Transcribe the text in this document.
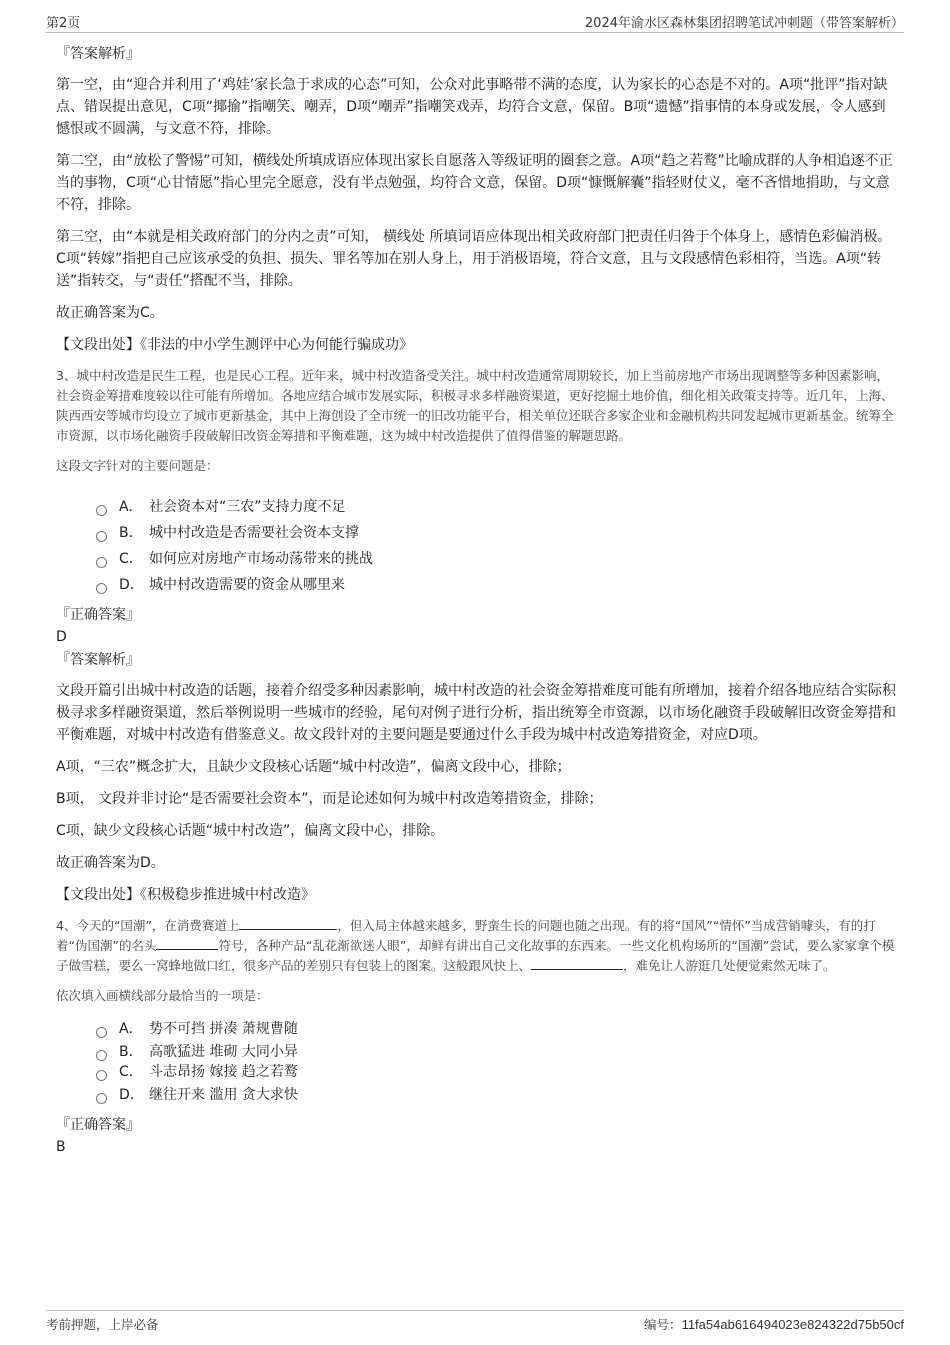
第2页	2024年渝水区森林集团招聘笔试冲刺题（带答案解析）
『答案解析』

第一空，由“迎合并利用了‘鸡娃’家长急于求成的心态”可知，公众对此事略带不满的态度，认为家长的心态是不对的。A项“批评”指对缺点、错误提出意见，C项“揶揄”指嘲笑、嘲弄，D项“嘲弄”指嘲笑戏弄，均符合文意，保留。B项“遗憾”指事情的本身或发展，令人感到憾恨或不圆满，与文意不符，排除。

第二空，由“放松了警惕”可知，横线处所填成语应体现出家长自愿落入等级证明的圈套之意。A项“趋之若鹜”比喻成群的人争相追逐不正当的事物，C项“心甘情愿”指心里完全愿意，没有半点勉强，均符合文意，保留。D项“慷慨解囊”指轻财仗义，毫不吝惜地捐助，与文意不符，排除。

第三空，由“本就是相关政府部门的分内之责”可知， 横线处 所填词语应体现出相关政府部门把责任归咎于个体身上，感情色彩偏消极。C项“转嫁”指把自己应该承受的负担、损失、罪名等加在别人身上，用于消极语境，符合文意，且与文段感情色彩相符，当选。A项“转送”指转交，与“责任”搭配不当，排除。

故正确答案为C。

【文段出处】《非法的中小学生测评中心为何能行骗成功》

3、城中村改造是民生工程，也是民心工程。近年来，城中村改造备受关注。城中村改造通常周期较长，加上当前房地产市场出现调整等多种因素影响，社会资金筹措难度较以往可能有所增加。各地应结合城市发展实际，积极寻求多样融资渠道，更好挖掘土地价值，细化相关政策支持等。近几年，上海、陕西西安等城市均设立了城市更新基金，其中上海创设了全市统一的旧改功能平台，相关单位还联合多家企业和金融机构共同发起城市更新基金。统筹全市资源，以市场化融资手段破解旧改资金筹措和平衡难题，这为城中村改造提供了值得借鉴的解题思路。

这段文字针对的主要问题是：

A． 社会资本对“三农”支持力度不足
B． 城中村改造是否需要社会资本支撑
C． 如何应对房地产市场动荡带来的挑战
D． 城中村改造需要的资金从哪里来
『正确答案』
D
『答案解析』

文段开篇引出城中村改造的话题，接着介绍受多种因素影响，城中村改造的社会资金筹措难度可能有所增加，接着介绍各地应结合实际积极寻求多样融资渠道，然后举例说明一些城市的经验，尾句对例子进行分析，指出统筹全市资源，以市场化融资手段破解旧改资金筹措和平衡难题，对城中村改造有借鉴意义。故文段针对的主要问题是要通过什么手段为城中村改造筹措资金，对应D项。

A项，“三农”概念扩大，且缺少文段核心话题“城中村改造”，偏离文段中心，排除；

B项， 文段并非讨论“是否需要社会资本”，而是论述如何为城中村改造筹措资金，排除；

C项，缺少文段核心话题“城中村改造”，偏离文段中心，排除。

故正确答案为D。

【文段出处】《积极稳步推进城中村改造》

4、今天的“国潮”，在消费赛道上	，但入局主体越来越多，野蛮生长的问题也随之出现。有的将“国风”“情怀”当成营销噱头，有的打着“伪国潮”的名头	符号，各种产品“乱花渐欲迷人眼”，却鲜有讲出自己文化故事的东西来。一些文化机构场所的“国潮”尝试，要么家家拿个模子做雪糕，要么一窝蜂地做口红，很多产品的差别只有包装上的图案。这般跟风快上、	，难免让人游逛几处便觉索然无味了。

依次填入画横线部分最恰当的一项是：

A． 势不可挡 拼凑 萧规曹随
B． 高歌猛进 堆砌 大同小异
C． 斗志昂扬 嫁接 趋之若鹜
D． 继往开来 滥用 贪大求快
『正确答案』
B
考前押题，上岸必备	编号：11fa54ab616494023e824322d75b50cf
